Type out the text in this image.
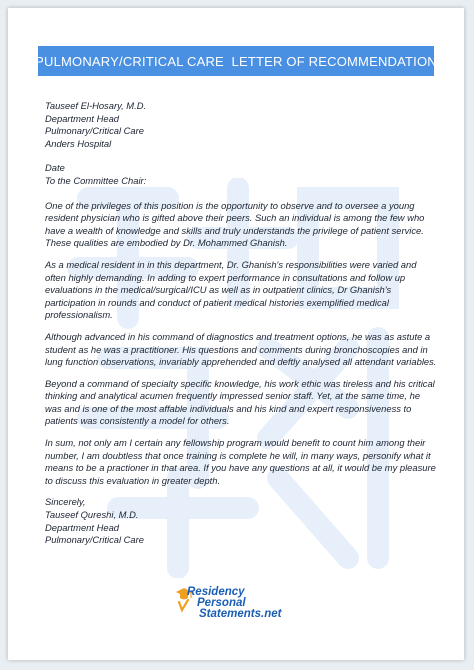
PULMONARY/CRITICAL CARE  LETTER OF RECOMMENDATION
Tauseef El-Hosary, M.D.
Department Head
Pulmonary/Critical Care
Anders Hospital
Date
To the Committee Chair:

One of the privileges of this position is the opportunity to observe and to oversee a young resident physician who is gifted above their peers. Such an individual is among the few who have a wealth of knowledge and skills and truly understands the privilege of patient service. These qualities are embodied by Dr. Mohammed Ghanish.

As a medical resident in in this department, Dr. Ghanish's responsibilities were varied and often highly demanding. In adding to expert performance in consultations and follow up evaluations in the medical/surgical/ICU as well as in outpatient clinics, Dr Ghanish's participation in rounds and conduct of patient medical histories exemplified medical professionalism.

Although advanced in his command of diagnostics and treatment options, he was as astute a student as he was a practitioner. His questions and comments during bronchoscopies and in lung function observations, invariably apprehended and deftly analysed all attendant variables.

Beyond a command of specialty specific knowledge, his work ethic was tireless and his critical thinking and analytical acumen frequently impressed senior staff. Yet, at the same time, he was and is one of the most affable individuals and his kind and expert responsiveness to patients was consistently a model for others.

In sum, not only am I certain any fellowship program would benefit to count him among their number, I am doubtless that once training is complete he will, in many ways, personify what it means to be a practioner in that area. If you have any questions at all, it would be my pleasure to discuss this evaluation in greater depth.

Sincerely,
Tauseef Qureshi, M.D.
Department Head
Pulmonary/Critical Care
Residency
Personal
Statements.net
